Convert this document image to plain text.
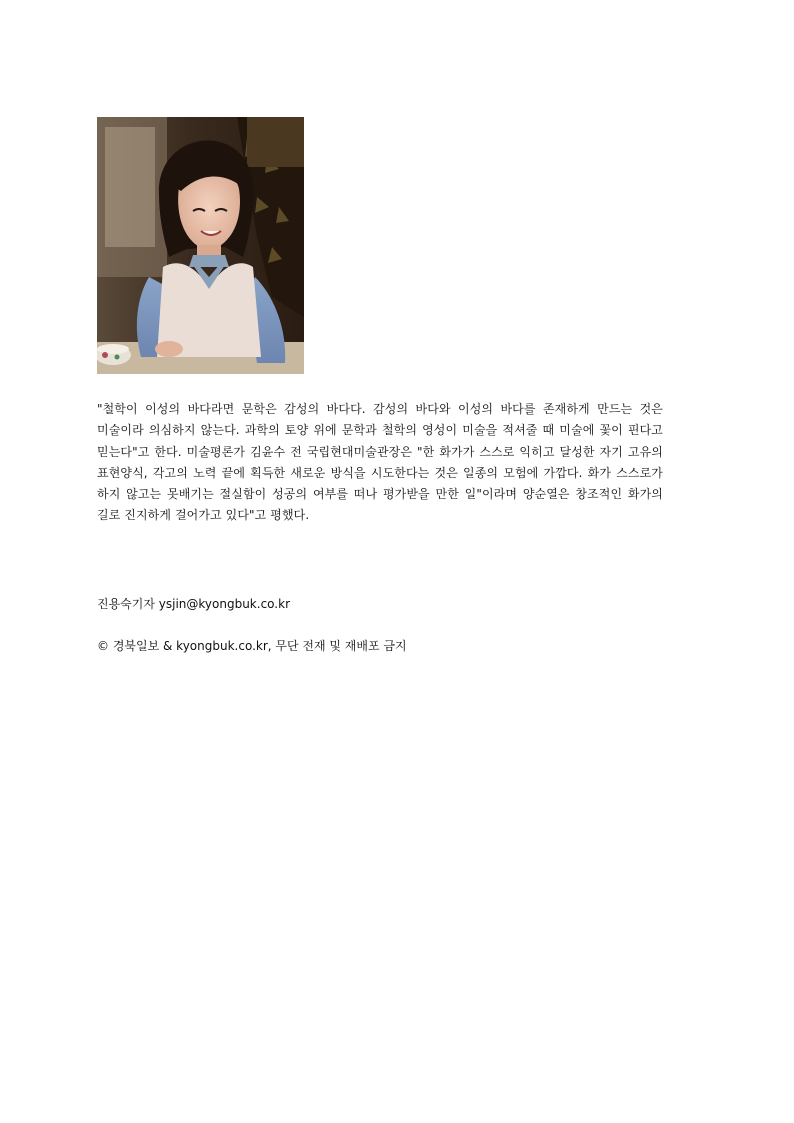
"철학이 이성의 바다라면 문학은 감성의 바다다. 감성의 바다와 이성의 바다를 존재하게 만드는 것은 미술이라 의심하지 않는다. 과학의 토양 위에 문학과 철학의 영성이 미술을 적셔줄 때 미술에 꽃이 핀다고 믿는다"고 한다. 미술평론가 김윤수 전 국립현대미술관장은 "한 화가가 스스로 익히고 달성한 자기 고유의 표현양식, 각고의 노력 끝에 획득한 새로운 방식을 시도한다는 것은 일종의 모험에 가깝다. 화가 스스로가 하지 않고는 못배기는 절실함이 성공의 여부를 떠나 평가받을 만한 일"이라며 양순열은 창조적인 화가의 길로 진지하게 걸어가고 있다"고 평했다.

진용숙기자 ysjin@kyongbuk.co.kr

© 경북일보 & kyongbuk.co.kr, 무단 전재 및 재배포 금지
